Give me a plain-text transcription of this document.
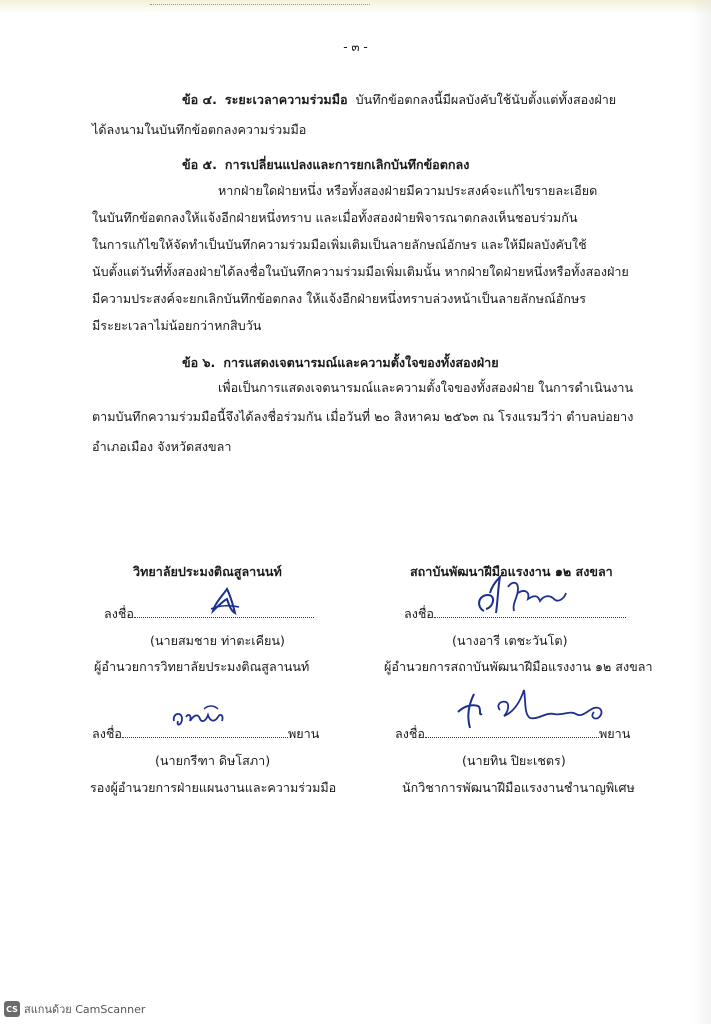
- ๓ -
ข้อ ๔. ระยะเวลาความร่วมมือ บันทึกข้อตกลงนี้มีผลบังคับใช้นับตั้งแต่ทั้งสองฝ่าย
ได้ลงนามในบันทึกข้อตกลงความร่วมมือ
ข้อ ๕. การเปลี่ยนแปลงและการยกเลิกบันทึกข้อตกลง
หากฝ่ายใดฝ่ายหนึ่ง หรือทั้งสองฝ่ายมีความประสงค์จะแก้ไขรายละเอียด
ในบันทึกข้อตกลงให้แจ้งอีกฝ่ายหนึ่งทราบ และเมื่อทั้งสองฝ่ายพิจารณาตกลงเห็นชอบร่วมกัน
ในการแก้ไขให้จัดทำเป็นบันทึกความร่วมมือเพิ่มเติมเป็นลายลักษณ์อักษร และให้มีผลบังคับใช้
นับตั้งแต่วันที่ทั้งสองฝ่ายได้ลงชื่อในบันทึกความร่วมมือเพิ่มเติมนั้น หากฝ่ายใดฝ่ายหนึ่งหรือทั้งสองฝ่าย
มีความประสงค์จะยกเลิกบันทึกข้อตกลง ให้แจ้งอีกฝ่ายหนึ่งทราบล่วงหน้าเป็นลายลักษณ์อักษร
มีระยะเวลาไม่น้อยกว่าหกสิบวัน
ข้อ ๖. การแสดงเจตนารมณ์และความตั้งใจของทั้งสองฝ่าย
เพื่อเป็นการแสดงเจตนารมณ์และความตั้งใจของทั้งสองฝ่าย ในการดำเนินงาน
ตามบันทึกความร่วมมือนี้จึงได้ลงชื่อร่วมกัน เมื่อวันที่ ๒๐ สิงหาคม ๒๕๖๓ ณ โรงแรมวีว่า ตำบลบ่อยาง
อำเภอเมือง จังหวัดสงขลา
วิทยาลัยประมงติณสูลานนท์
ลงชื่อ
(นายสมชาย ท่าตะเคียน)
ผู้อำนวยการวิทยาลัยประมงติณสูลานนท์
ลงชื่อ	พยาน
(นายกรีฑา ดิษโสภา)
รองผู้อำนวยการฝ่ายแผนงานและความร่วมมือ
สถาบันพัฒนาฝีมือแรงงาน ๑๒ สงขลา
ลงชื่อ
(นางอารี เตชะวันโต)
ผู้อำนวยการสถาบันพัฒนาฝีมือแรงงาน ๑๒ สงขลา
ลงชื่อ	พยาน
(นายทิน ปิยะเชตร)
นักวิชาการพัฒนาฝีมือแรงงานชำนาญพิเศษ
CS สแกนด้วย CamScanner
